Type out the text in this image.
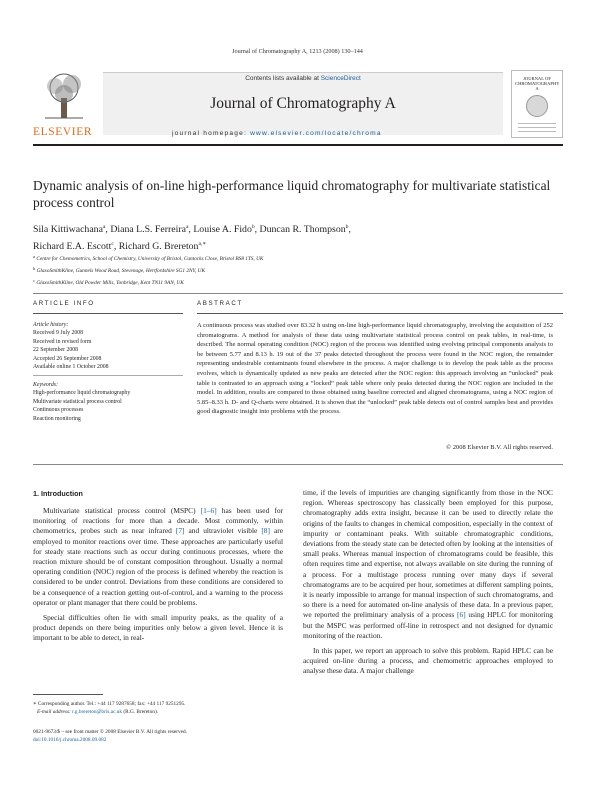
Journal of Chromatography A, 1213 (2008) 130–144
ELSEVIER
Contents lists available at ScienceDirect
Journal of Chromatography A
JOURNAL OF CHROMATOGRAPHY A
journal homepage: www.elsevier.com/locate/chroma
Dynamic analysis of on-line high-performance liquid chromatography for multivariate statistical process control
Sila Kittiwachana$^a$, Diana L.S. Ferreira$^a$, Louise A. Fido$^b$, Duncan R. Thompson$^b$,
Richard E.A. Escott$^c$, Richard G. Brereton$^{a,∗}$
$^a$ Centre for Chemometrics, School of Chemistry, University of Bristol, Cantocks Close, Bristol BS8 1TS, UK
$^b$ GlaxoSmithKline, Gunnels Wood Road, Stevenage, Hertfordshire SG1 2NY, UK
$^c$ GlaxoSmithKline, Old Powder Mills, Tonbridge, Kent TN11 9AN, UK
ARTICLE INFO	ABSTRACT
Article history:
Received 9 July 2008
Received in revised form
22 September 2008
Accepted 26 September 2008
Available online 1 October 2008
Keywords:
High-performance liquid chromatography
Multivariate statistical process control
Continuous processes
Reaction monitoring
A continuous process was studied over 83.32 h using on-line high-performance liquid chromatography, involving the acquisition of 252 chromatograms. A method for analysis of these data using multivariate statistical process control on peak tables, in real-time, is described. The normal operating condition (NOC) region of the process was identified using evolving principal components analysis to be between 5.77 and 8.13 h. 19 out of the 37 peaks detected throughout the process were found in the NOC region, the remainder representing undesirable contaminants found elsewhere in the process. A major challenge is to develop the peak table as the process evolves, which is dynamically updated as new peaks are detected after the NOC region: this approach involving an “unlocked” peak table is contrasted to an approach using a “locked” peak table where only peaks detected during the NOC region are included in the model. In addition, results are compared to those obtained using baseline corrected and aligned chromatograms, using a NOC region of 5.85–8.33 h. D- and Q-charts were obtained. It is shown that the “unlocked” peak table detects out of control samples best and provides good diagnostic insight into problems with the process.
© 2008 Elsevier B.V. All rights reserved.
1. Introduction

Multivariate statistical process control (MSPC) [1–6] has been used for monitoring of reactions for more than a decade. Most commonly, within chemometrics, probes such as near infrared [7] and ultraviolet visible [8] are employed to monitor reactions over time. These approaches are particularly useful for steady state reactions such as occur during continuous processes, where the reaction mixture should be of constant composition throughout. Usually a normal operating condition (NOC) region of the process is defined whereby the reaction is considered to be under control. Deviations from these conditions are considered to be a consequence of a reaction getting out-of-control, and a warning to the process operator or plant manager that there could be problems.

Special difficulties often lie with small impurity peaks, as the quality of a product depends on there being impurities only below a given level. Hence it is important to be able to detect, in real-

time, if the levels of impurities are changing significantly from those in the NOC region. Whereas spectroscopy has classically been employed for this purpose, chromatography adds extra insight, because it can be used to directly relate the origins of the faults to changes in chemical composition, especially in the context of impurity or contaminant peaks. With suitable chromatographic conditions, deviations from the steady state can be detected often by looking at the intensities of small peaks. Whereas manual inspection of chromatograms could be feasible, this often requires time and expertise, not always available on site during the running of a process. For a multistage process running over many days if several chromatograms are to be acquired per hour, sometimes at different sampling points, it is nearly impossible to arrange for manual inspection of such chromatograms, and so there is a need for automated on-line analysis of these data. In a previous paper, we reported the preliminary analysis of a process [6] using HPLC for monitoring but the MSPC was performed off-line in retrospect and not designed for dynamic monitoring of the reaction.

In this paper, we report an approach to solve this problem. Rapid HPLC can be acquired on-line during a process, and chemometric approaches employed to analyse these data. A major challenge

∗ Corresponding author. Tel.: +44 117 9287658; fax: +44 117 9251295.
E-mail address: r.g.brereton@bris.ac.uk (R.G. Brereton).
0021-9673/$ – see front matter © 2008 Elsevier B.V. All rights reserved.
doi:10.1016/j.chroma.2008.09.082
